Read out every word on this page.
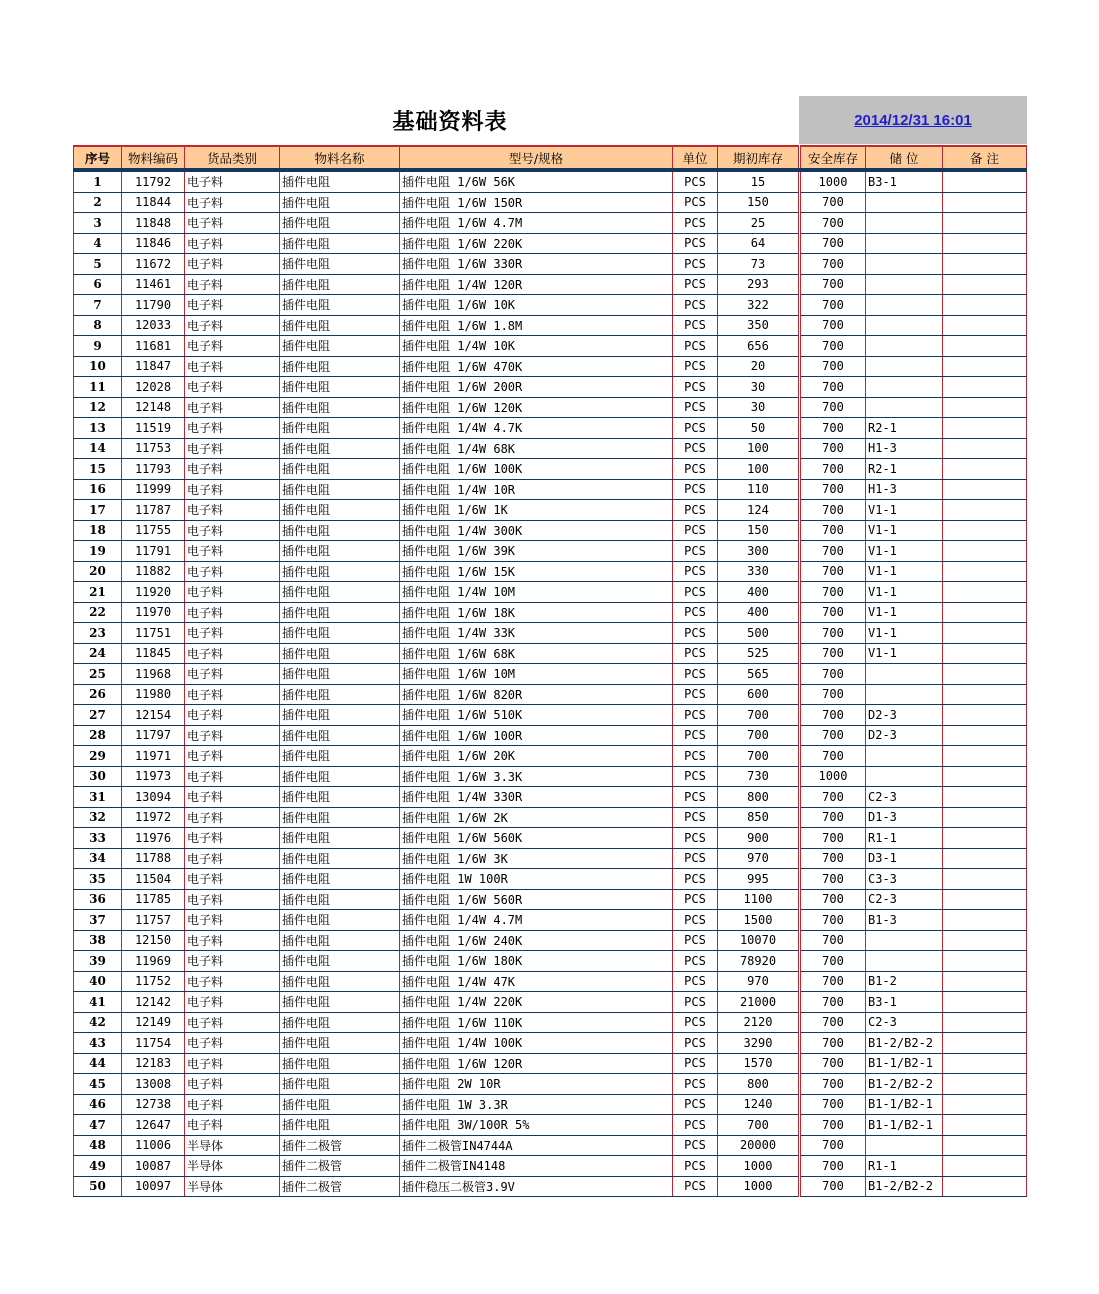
基础资料表	2014/12/31 16:01
序号	物料编码	货品类别	物料名称	型号/规格	单位	期初库存	安全库存	储 位	备 注
1	11792	电子料	插件电阻	插件电阻 1/6W 56K	PCS	15	1000	B3-1	
2	11844	电子料	插件电阻	插件电阻 1/6W 150R	PCS	150	700		
3	11848	电子料	插件电阻	插件电阻 1/6W 4.7M	PCS	25	700		
4	11846	电子料	插件电阻	插件电阻 1/6W 220K	PCS	64	700		
5	11672	电子料	插件电阻	插件电阻 1/6W 330R	PCS	73	700		
6	11461	电子料	插件电阻	插件电阻 1/4W 120R	PCS	293	700		
7	11790	电子料	插件电阻	插件电阻 1/6W 10K	PCS	322	700		
8	12033	电子料	插件电阻	插件电阻 1/6W 1.8M	PCS	350	700		
9	11681	电子料	插件电阻	插件电阻 1/4W 10K	PCS	656	700		
10	11847	电子料	插件电阻	插件电阻 1/6W 470K	PCS	20	700		
11	12028	电子料	插件电阻	插件电阻 1/6W 200R	PCS	30	700		
12	12148	电子料	插件电阻	插件电阻 1/6W 120K	PCS	30	700		
13	11519	电子料	插件电阻	插件电阻 1/4W 4.7K	PCS	50	700	R2-1	
14	11753	电子料	插件电阻	插件电阻 1/4W 68K	PCS	100	700	H1-3	
15	11793	电子料	插件电阻	插件电阻 1/6W 100K	PCS	100	700	R2-1	
16	11999	电子料	插件电阻	插件电阻 1/4W 10R	PCS	110	700	H1-3	
17	11787	电子料	插件电阻	插件电阻 1/6W 1K	PCS	124	700	V1-1	
18	11755	电子料	插件电阻	插件电阻 1/4W 300K	PCS	150	700	V1-1	
19	11791	电子料	插件电阻	插件电阻 1/6W 39K	PCS	300	700	V1-1	
20	11882	电子料	插件电阻	插件电阻 1/6W 15K	PCS	330	700	V1-1	
21	11920	电子料	插件电阻	插件电阻 1/4W 10M	PCS	400	700	V1-1	
22	11970	电子料	插件电阻	插件电阻 1/6W 18K	PCS	400	700	V1-1	
23	11751	电子料	插件电阻	插件电阻 1/4W 33K	PCS	500	700	V1-1	
24	11845	电子料	插件电阻	插件电阻 1/6W 68K	PCS	525	700	V1-1	
25	11968	电子料	插件电阻	插件电阻 1/6W 10M	PCS	565	700		
26	11980	电子料	插件电阻	插件电阻 1/6W 820R	PCS	600	700		
27	12154	电子料	插件电阻	插件电阻 1/6W 510K	PCS	700	700	D2-3	
28	11797	电子料	插件电阻	插件电阻 1/6W 100R	PCS	700	700	D2-3	
29	11971	电子料	插件电阻	插件电阻 1/6W 20K	PCS	700	700		
30	11973	电子料	插件电阻	插件电阻 1/6W 3.3K	PCS	730	1000		
31	13094	电子料	插件电阻	插件电阻 1/4W 330R	PCS	800	700	C2-3	
32	11972	电子料	插件电阻	插件电阻 1/6W 2K	PCS	850	700	D1-3	
33	11976	电子料	插件电阻	插件电阻 1/6W 560K	PCS	900	700	R1-1	
34	11788	电子料	插件电阻	插件电阻 1/6W 3K	PCS	970	700	D3-1	
35	11504	电子料	插件电阻	插件电阻 1W 100R	PCS	995	700	C3-3	
36	11785	电子料	插件电阻	插件电阻 1/6W 560R	PCS	1100	700	C2-3	
37	11757	电子料	插件电阻	插件电阻 1/4W 4.7M	PCS	1500	700	B1-3	
38	12150	电子料	插件电阻	插件电阻 1/6W 240K	PCS	10070	700		
39	11969	电子料	插件电阻	插件电阻 1/6W 180K	PCS	78920	700		
40	11752	电子料	插件电阻	插件电阻 1/4W 47K	PCS	970	700	B1-2	
41	12142	电子料	插件电阻	插件电阻 1/4W 220K	PCS	21000	700	B3-1	
42	12149	电子料	插件电阻	插件电阻 1/6W 110K	PCS	2120	700	C2-3	
43	11754	电子料	插件电阻	插件电阻 1/4W 100K	PCS	3290	700	B1-2/B2-2	
44	12183	电子料	插件电阻	插件电阻 1/6W 120R	PCS	1570	700	B1-1/B2-1	
45	13008	电子料	插件电阻	插件电阻 2W 10R	PCS	800	700	B1-2/B2-2	
46	12738	电子料	插件电阻	插件电阻 1W 3.3R	PCS	1240	700	B1-1/B2-1	
47	12647	电子料	插件电阻	插件电阻 3W/100R 5%	PCS	700	700	B1-1/B2-1	
48	11006	半导体	插件二极管	插件二极管IN4744A	PCS	20000	700		
49	10087	半导体	插件二极管	插件二极管IN4148	PCS	1000	700	R1-1	
50	10097	半导体	插件二极管	插件稳压二极管3.9V	PCS	1000	700	B1-2/B2-2	
